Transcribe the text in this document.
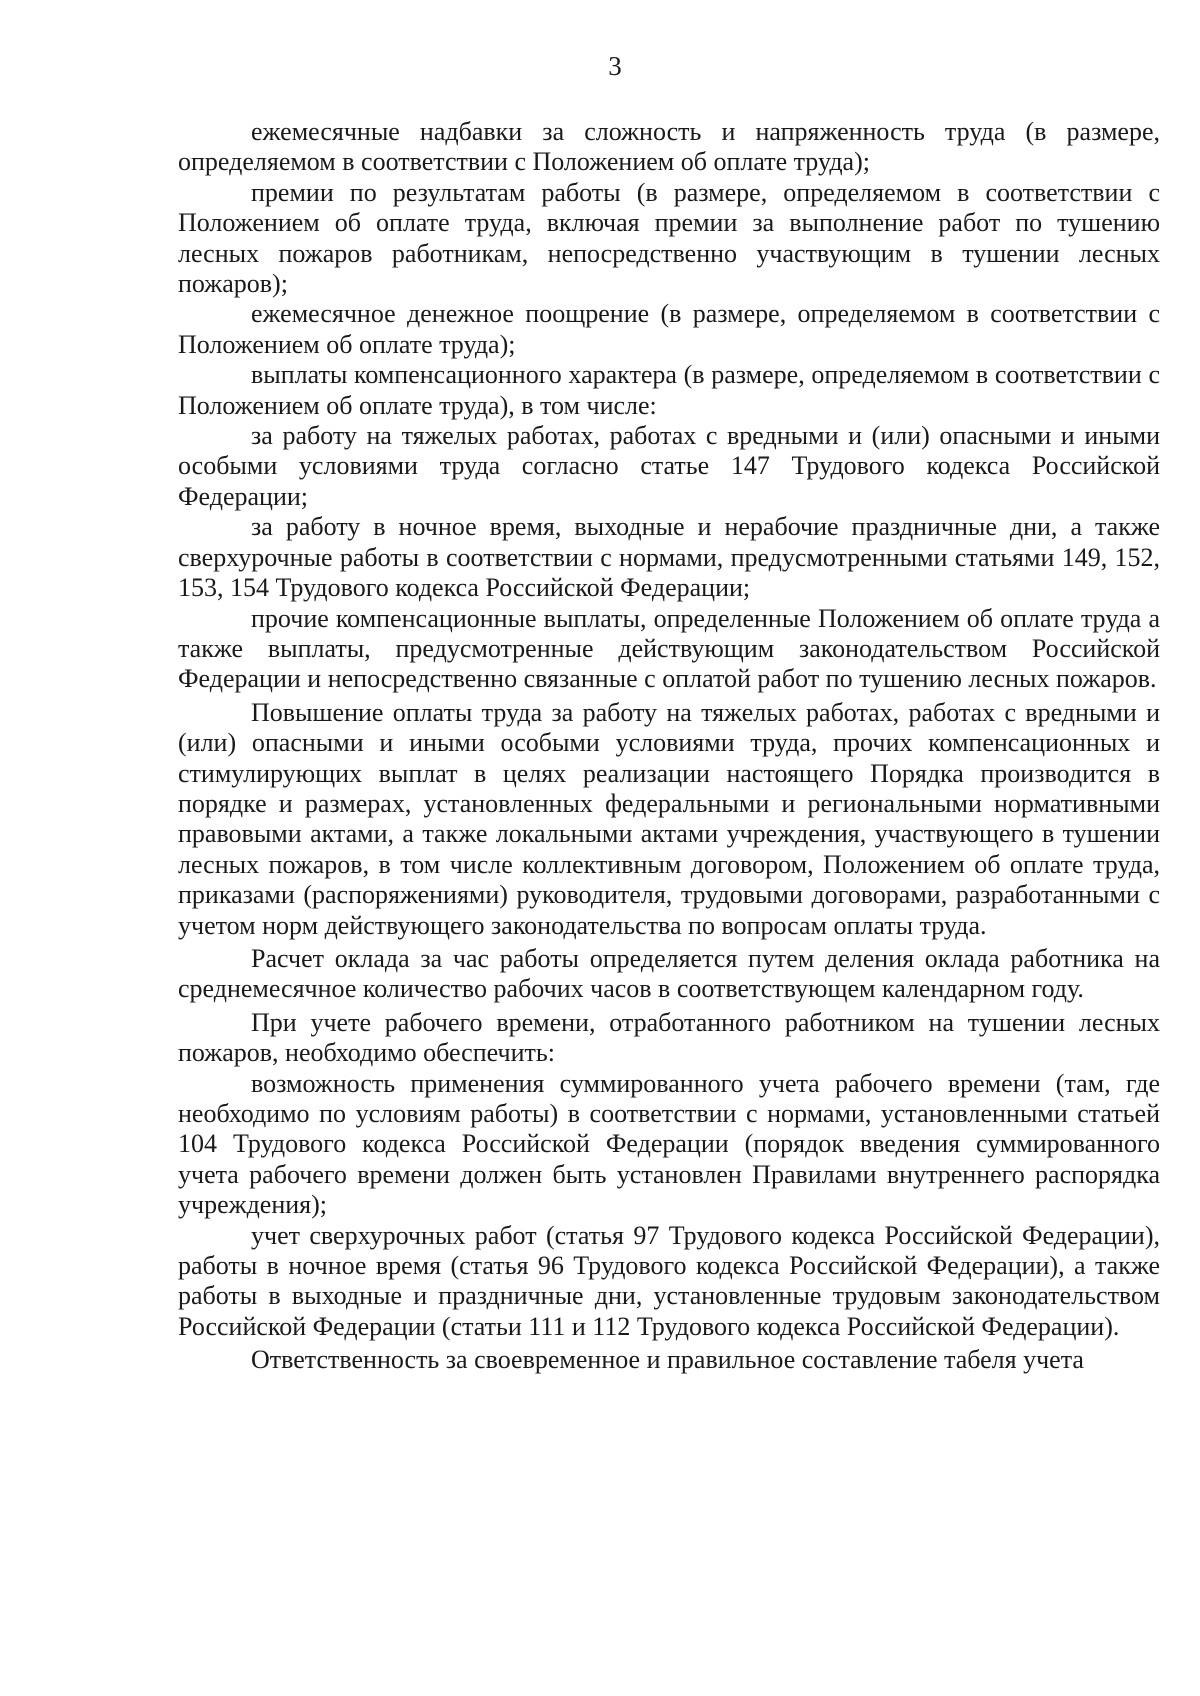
3

ежемесячные надбавки за сложность и напряженность труда (в размере, определяемом в соответствии с Положением об оплате труда);

премии по результатам работы (в размере, определяемом в соответствии с Положением об оплате труда, включая премии за выполнение работ по тушению лесных пожаров работникам, непосредственно участвующим в тушении лесных пожаров);

ежемесячное денежное поощрение (в размере, определяемом в соответствии с Положением об оплате труда);

выплаты компенсационного характера (в размере, определяемом в соответствии с Положением об оплате труда), в том числе:

за работу на тяжелых работах, работах с вредными и (или) опасными и иными особыми условиями труда согласно статье 147 Трудового кодекса Российской Федерации;

за работу в ночное время, выходные и нерабочие праздничные дни, а также сверхурочные работы в соответствии с нормами, предусмотренными статьями 149, 152, 153, 154 Трудового кодекса Российской Федерации;

прочие компенсационные выплаты, определенные Положением об оплате труда а также выплаты, предусмотренные действующим законодательством Российской Федерации и непосредственно связанные с оплатой работ по тушению лесных пожаров.

Повышение оплаты труда за работу на тяжелых работах, работах с вредными и (или) опасными и иными особыми условиями труда, прочих компенсационных и стимулирующих выплат в целях реализации настоящего Порядка производится в порядке и размерах, установленных федеральными и региональными нормативными правовыми актами, а также локальными актами учреждения, участвующего в тушении лесных пожаров, в том числе коллективным договором, Положением об оплате труда, приказами (распоряжениями) руководителя, трудовыми договорами, разработанными с учетом норм действующего законодательства по вопросам оплаты труда.

Расчет оклада за час работы определяется путем деления оклада работника на среднемесячное количество рабочих часов в соответствующем календарном году.

При учете рабочего времени, отработанного работником на тушении лесных пожаров, необходимо обеспечить:

возможность применения суммированного учета рабочего времени (там, где необходимо по условиям работы) в соответствии с нормами, установленными статьей 104 Трудового кодекса Российской Федерации (порядок введения суммированного учета рабочего времени должен быть установлен Правилами внутреннего распорядка учреждения);

учет сверхурочных работ (статья 97 Трудового кодекса Российской Федерации), работы в ночное время (статья 96 Трудового кодекса Российской Федерации), а также работы в выходные и праздничные дни, установленные трудовым законодательством Российской Федерации (статьи 111 и 112 Трудового кодекса Российской Федерации).

Ответственность за своевременное и правильное составление табеля учета
